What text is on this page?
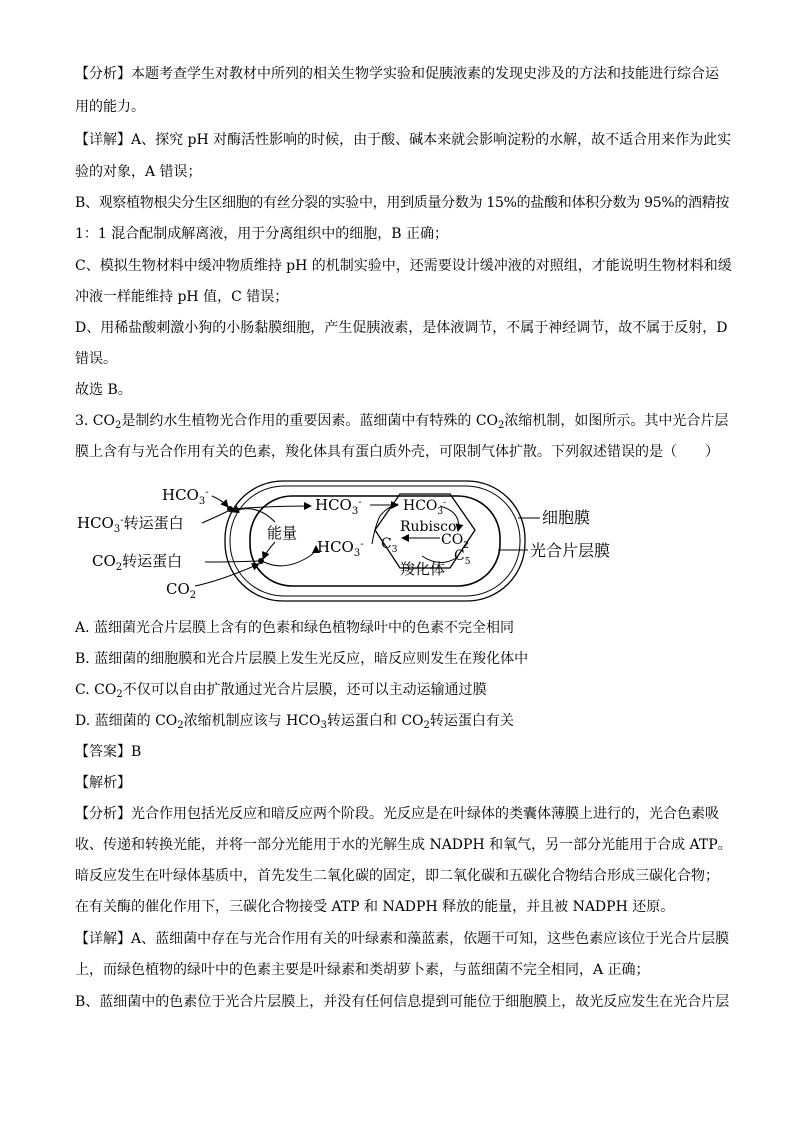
【分析】本题考查学生对教材中所列的相关生物学实验和促胰液素的发现史涉及的方法和技能进行综合运
用的能力。
【详解】A、探究 pH 对酶活性影响的时候，由于酸、碱本来就会影响淀粉的水解，故不适合用来作为此实
验的对象，A 错误；
B、观察植物根尖分生区细胞的有丝分裂的实验中，用到质量分数为 15%的盐酸和体积分数为 95%的酒精按
1：1 混合配制成解离液，用于分离组织中的细胞，B 正确；
C、模拟生物材料中缓冲物质维持 pH 的机制实验中，还需要设计缓冲液的对照组，才能说明生物材料和缓
冲液一样能维持 pH 值，C 错误；
D、用稀盐酸刺激小狗的小肠黏膜细胞，产生促胰液素，是体液调节，不属于神经调节，故不属于反射，D
错误。
故选 B。
3. $CO_2$是制约水生植物光合作用的重要因素。蓝细菌中有特殊的 $CO_2$浓缩机制，如图所示。其中光合片层
膜上含有与光合作用有关的色素，羧化体具有蛋白质外壳，可限制气体扩散。下列叙述错误的是（　　）
$HCO_3^-$
$HCO_3^-$转运蛋白
$CO_2$转运蛋白
$CO_2$
能量
$HCO_3^-$
$HCO_3^-$
$HCO_3^-$
Rubisco
$C_3$
$CO_2$
$C_5$
羧化体
细胞膜
光合片层膜
A. 蓝细菌光合片层膜上含有的色素和绿色植物绿叶中的色素不完全相同
B. 蓝细菌的细胞膜和光合片层膜上发生光反应，暗反应则发生在羧化体中
C. $CO_2$不仅可以自由扩散通过光合片层膜，还可以主动运输通过膜
D. 蓝细菌的 $CO_2$浓缩机制应该与 $HCO_3$转运蛋白和 $CO_2$转运蛋白有关
【答案】B
【解析】
【分析】光合作用包括光反应和暗反应两个阶段。光反应是在叶绿体的类囊体薄膜上进行的，光合色素吸
收、传递和转换光能，并将一部分光能用于水的光解生成 NADPH 和氧气，另一部分光能用于合成 ATP。
暗反应发生在叶绿体基质中，首先发生二氧化碳的固定，即二氧化碳和五碳化合物结合形成三碳化合物；
在有关酶的催化作用下，三碳化合物接受 ATP 和 NADPH 释放的能量，并且被 NADPH 还原。
【详解】A、蓝细菌中存在与光合作用有关的叶绿素和藻蓝素，依题干可知，这些色素应该位于光合片层膜
上，而绿色植物的绿叶中的色素主要是叶绿素和类胡萝卜素，与蓝细菌不完全相同，A 正确；
B、蓝细菌中的色素位于光合片层膜上，并没有任何信息提到可能位于细胞膜上，故光反应发生在光合片层
